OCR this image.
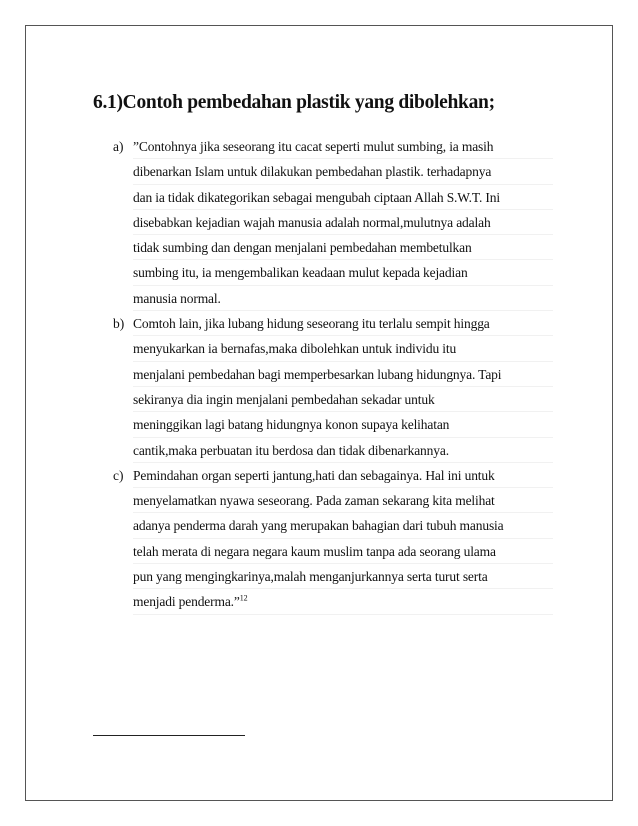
6.1)Contoh pembedahan plastik yang dibolehkan;
a) ”Contohnya jika seseorang itu cacat seperti mulut sumbing, ia masih
dibenarkan Islam untuk dilakukan pembedahan plastik. terhadapnya
dan ia tidak dikategorikan sebagai mengubah ciptaan Allah S.W.T. Ini
disebabkan kejadian wajah manusia adalah normal,mulutnya adalah
tidak sumbing dan dengan menjalani pembedahan membetulkan
sumbing itu, ia mengembalikan keadaan mulut kepada kejadian
manusia normal.
b) Comtoh lain, jika lubang hidung seseorang itu terlalu sempit hingga
menyukarkan ia bernafas,maka dibolehkan untuk individu itu
menjalani pembedahan bagi memperbesarkan lubang hidungnya. Tapi
sekiranya dia ingin menjalani pembedahan sekadar untuk
meninggikan lagi batang hidungnya konon supaya kelihatan
cantik,maka perbuatan itu berdosa dan tidak dibenarkannya.
c) Pemindahan organ seperti jantung,hati dan sebagainya. Hal ini untuk
menyelamatkan nyawa seseorang. Pada zaman sekarang kita melihat
adanya penderma darah yang merupakan bahagian dari tubuh manusia
telah merata di negara negara kaum muslim tanpa ada seorang ulama
pun yang mengingkarinya,malah menganjurkannya serta turut serta
menjadi penderma.”$^{12}$
